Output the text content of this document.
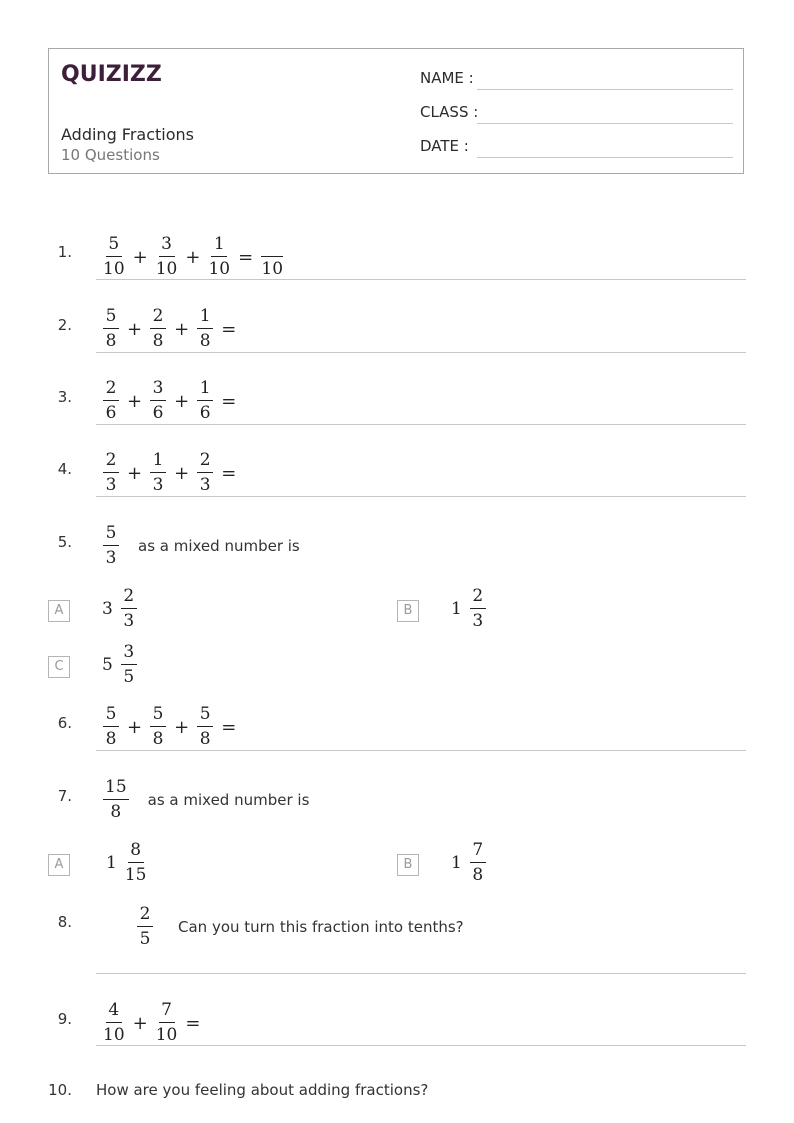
QUIZIZZ
Adding Fractions
10 Questions
NAME :
CLASS :
DATE :
1. $\frac{5}{10} + \frac{3}{10} + \frac{1}{10}$ =
10
2. $\frac{5}{8} + \frac{2}{8} + \frac{1}{8}$ =
3. $\frac{2}{6} + \frac{3}{6} + \frac{1}{6}$ =
4. $\frac{2}{3} + \frac{1}{3} + \frac{2}{3}$ =
5. $\frac{5}{3}$ as a mixed number is
A	$3 \frac{2}{3}$	B	$1 \frac{2}{3}$
C	$5 \frac{3}{5}$
6. $\frac{5}{8} + \frac{5}{8} + \frac{5}{8}$ =
7. $\frac{15}{8}$ as a mixed number is
A	$1 \frac{8}{15}$	B	$1 \frac{7}{8}$
8.	$\frac{2}{5}$ Can you turn this fraction into tenths?
9. $\frac{4}{10} + \frac{7}{10}$ =
10. How are you feeling about adding fractions?
